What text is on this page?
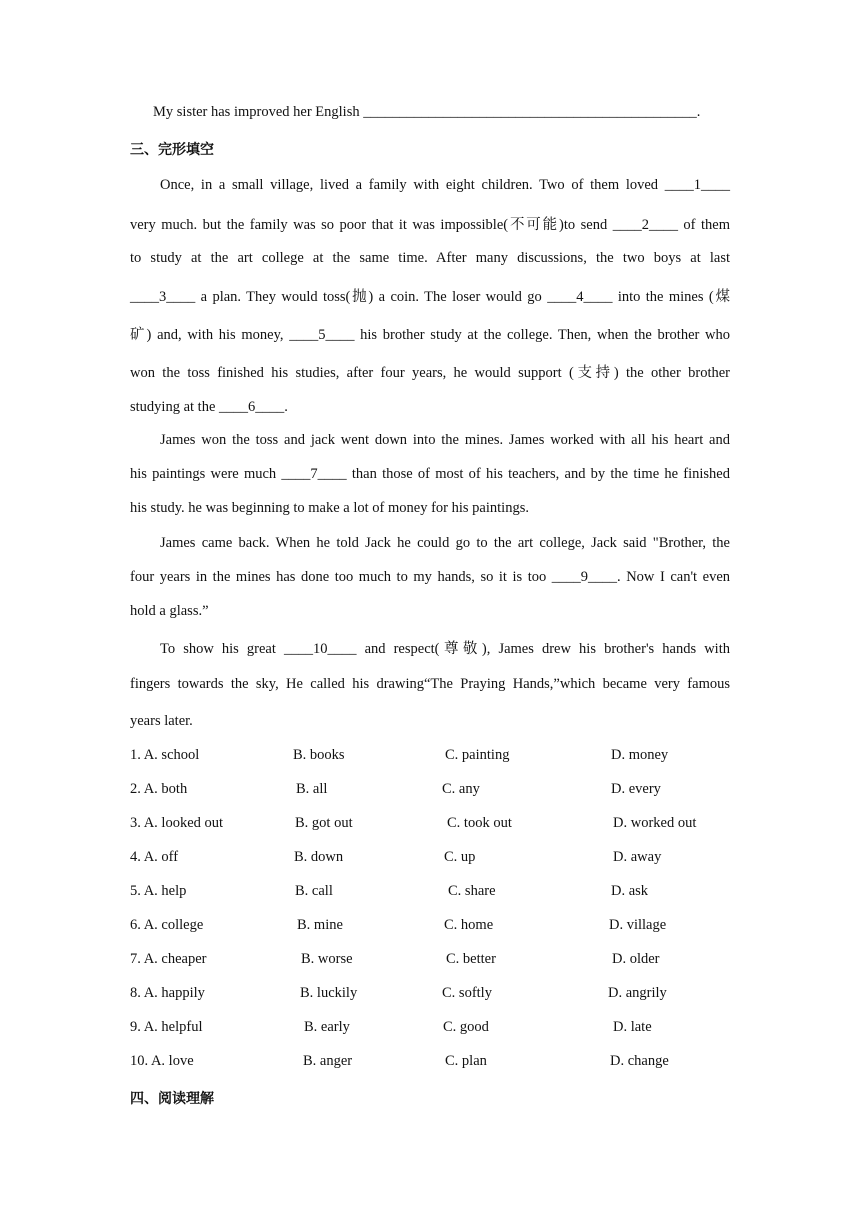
My sister has improved her English ______________________________________________.
三、完形填空
Once, in a small village, lived a family with eight children. Two of them loved ____1____
very much. but the family was so poor that it was impossible(不可能)to send ____2____ of them
to study at the art college at the same time. After many discussions, the two boys at last
____3____ a plan. They would toss(抛) a coin. The loser would go ____4____ into the mines (煤
矿) and, with his money, ____5____ his brother study at the college. Then, when the brother who
won the toss finished his studies, after four years, he would support (支持) the other brother
studying at the ____6____.
James won the toss and jack went down into the mines. James worked with all his heart and
his paintings were much ____7____ than those of most of his teachers, and by the time he finished
his study. he was beginning to make a lot of money for his paintings.
James came back. When he told Jack he could go to the art college, Jack said "Brother, the
four years in the mines has done too much to my hands, so it is too ____9____. Now I can't even
hold a glass.”
To show his great ____10____ and respect(尊敬), James drew his brother's hands with
fingers towards the sky, He called his drawing“The Praying Hands,”which became very famous
years later.
1. A. school	B. books	C. painting	D. money
2. A. both	B. all	C. any	D. every
3. A. looked out	B. got out	C. took out	D. worked out
4. A. off	B. down	C. up	D. away
5. A. help	B. call	C. share	D. ask
6. A. college	B. mine	C. home	D. village
7. A. cheaper	B. worse	C. better	D. older
8. A. happily	B. luckily	C. softly	D. angrily
9. A. helpful	B. early	C. good	D. late
10. A. love	B. anger	C. plan	D. change
四、阅读理解
